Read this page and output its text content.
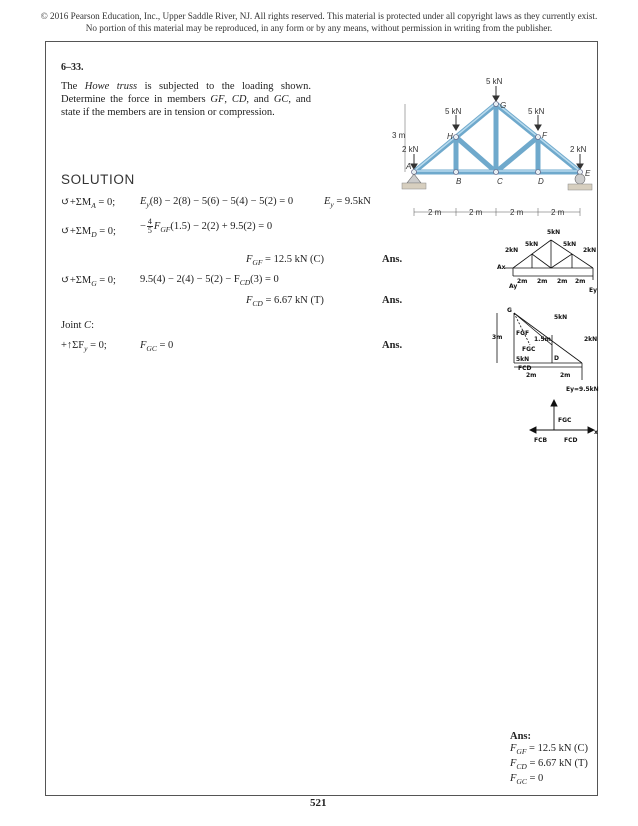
© 2016 Pearson Education, Inc., Upper Saddle River, NJ. All rights reserved. This material is protected under all copyright laws as they currently exist. No portion of this material may be reproduced, in any form or by any means, without permission in writing from the publisher.
6–33.
The Howe truss is subjected to the loading shown. Determine the force in members GF, CD, and GC, and state if the members are in tension or compression.
SOLUTION
$↺+\Sigma M_A = 0$; $E_y(8) - 2(8) - 5(6) - 5(4) - 5(2) = 0$	$E_y = 9.5kN$
$↺+\Sigma M_D = 0$; − $\frac{4}{5}F_{GF}(1.5) - 2(2) + 9.5(2) = 0$
$F_{GF} = 12.5$ kN (C)	Ans.
$↺+\Sigma M_G = 0$; $9.5(4) - 2(4) - 5(2) - F_{CD}(3) = 0$
$F_{CD} = 6.67$ kN (T)	Ans.
Joint C:
$+↑\Sigma F_y = 0$;	$F_{GC} = 0$	Ans.
5 kN
5 kN	5 kN
2 kN	2 kN
3 m
A
B	C	D
E
F
G
H
2 m	2 m	2 m	2 m
5kN
5kN	5kN
2kN	2kN
Ax
Ay
Ey
2m 2m 2m 2m
G
5kN
3m
FGF
1.5m
FGC
5kN
2kN
FCD
2m	2m
D
Ey=9.5kN
FGC
FCB	FCD
x
Ans:
$F_{GF} = 12.5$ kN (C)
$F_{CD} = 6.67$ kN (T)
$F_{GC} = 0$
521
